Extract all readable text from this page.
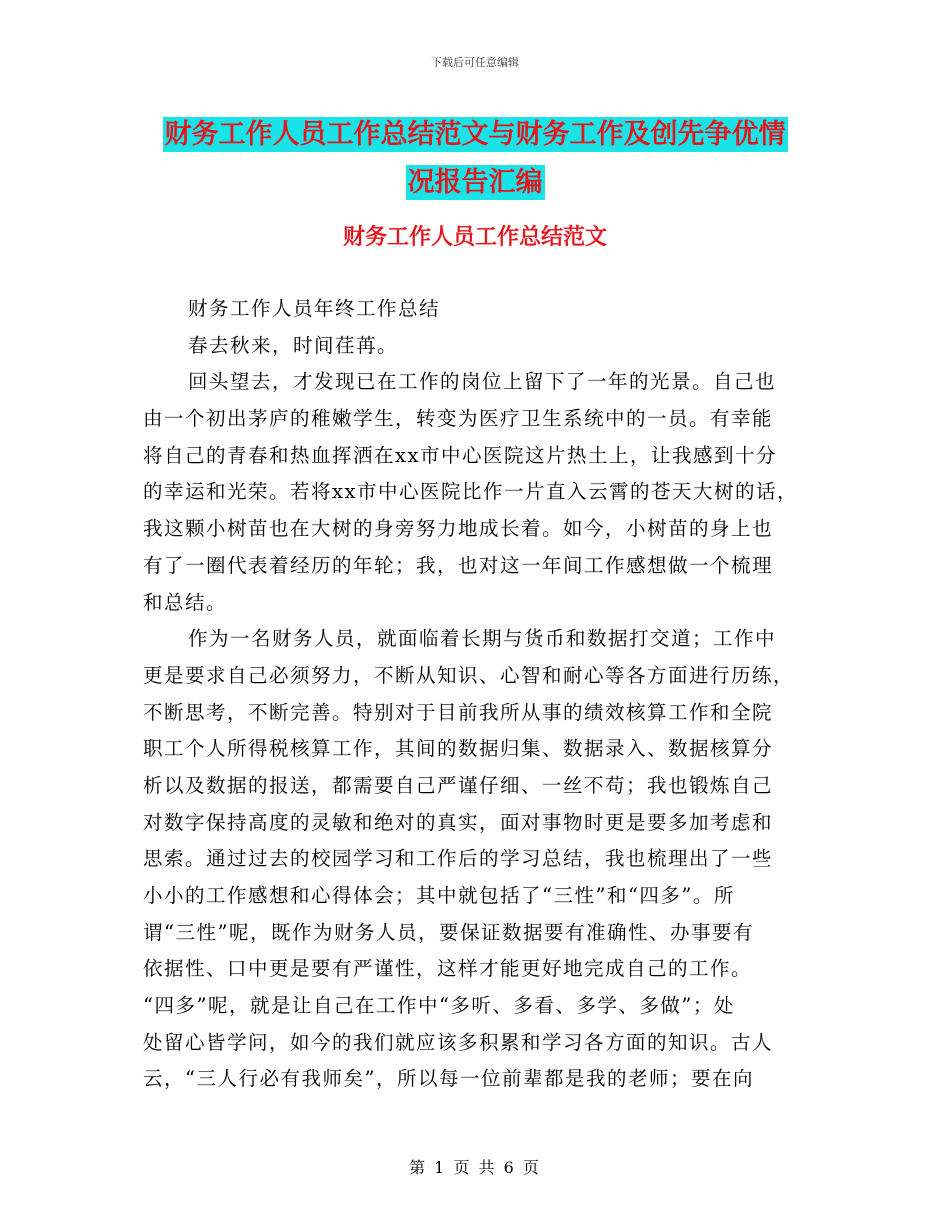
下载后可任意编辑
财务工作人员工作总结范文与财务工作及创先争优情
况报告汇编
财务工作人员工作总结范文
财务工作人员年终工作总结
春去秋来，时间荏苒。
回头望去，才发现已在工作的岗位上留下了一年的光景。自己也
由一个初出茅庐的稚嫩学生，转变为医疗卫生系统中的一员。有幸能
将自己的青春和热血挥洒在xx市中心医院这片热土上，让我感到十分
的幸运和光荣。若将xx市中心医院比作一片直入云霄的苍天大树的话，
我这颗小树苗也在大树的身旁努力地成长着。如今，小树苗的身上也
有了一圈代表着经历的年轮；我，也对这一年间工作感想做一个梳理
和总结。
作为一名财务人员，就面临着长期与货币和数据打交道；工作中
更是要求自己必须努力，不断从知识、心智和耐心等各方面进行历练，
不断思考，不断完善。特别对于目前我所从事的绩效核算工作和全院
职工个人所得税核算工作，其间的数据归集、数据录入、数据核算分
析以及数据的报送，都需要自己严谨仔细、一丝不苟；我也锻炼自己
对数字保持高度的灵敏和绝对的真实，面对事物时更是要多加考虑和
思索。通过过去的校园学习和工作后的学习总结，我也梳理出了一些
小小的工作感想和心得体会；其中就包括了“三性”和“四多”。所
谓“三性”呢，既作为财务人员，要保证数据要有准确性、办事要有
依据性、口中更是要有严谨性，这样才能更好地完成自己的工作。
“四多”呢，就是让自己在工作中“多听、多看、多学、多做”；处
处留心皆学问，如今的我们就应该多积累和学习各方面的知识。古人
云，“三人行必有我师矣”，所以每一位前辈都是我的老师；要在向
第 1 页 共 6 页
